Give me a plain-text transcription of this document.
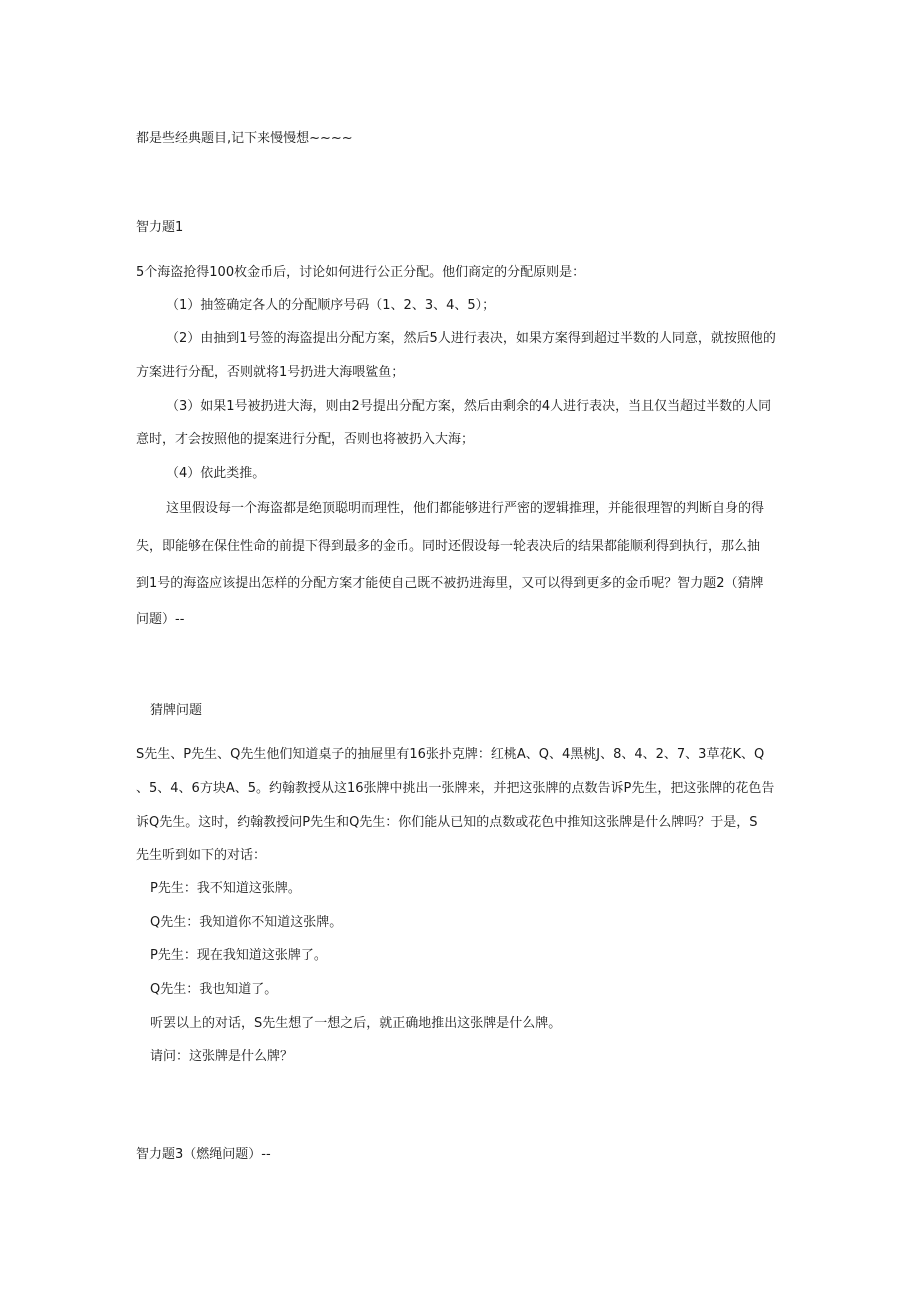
都是些经典题目,记下来慢慢想~~~~
智力题1
5个海盗抢得100枚金币后，讨论如何进行公正分配。他们商定的分配原则是：
（1）抽签确定各人的分配顺序号码（1、2、3、4、5）；
（2）由抽到1号签的海盗提出分配方案，然后5人进行表决，如果方案得到超过半数的人同意，就按照他的
方案进行分配，否则就将1号扔进大海喂鲨鱼；
（3）如果1号被扔进大海，则由2号提出分配方案，然后由剩余的4人进行表决，当且仅当超过半数的人同
意时，才会按照他的提案进行分配，否则也将被扔入大海；
（4）依此类推。
这里假设每一个海盗都是绝顶聪明而理性，他们都能够进行严密的逻辑推理，并能很理智的判断自身的得
失，即能够在保住性命的前提下得到最多的金币。同时还假设每一轮表决后的结果都能顺利得到执行，那么抽
到1号的海盗应该提出怎样的分配方案才能使自己既不被扔进海里，又可以得到更多的金币呢？智力题2（猜牌
问题）--
猜牌问题
S先生、P先生、Q先生他们知道桌子的抽屉里有16张扑克牌：红桃A、Q、4黑桃J、8、4、2、7、3草花K、Q
、5、4、6方块A、5。约翰教授从这16张牌中挑出一张牌来，并把这张牌的点数告诉P先生，把这张牌的花色告
诉Q先生。这时，约翰教授问P先生和Q先生：你们能从已知的点数或花色中推知这张牌是什么牌吗？于是，S
先生听到如下的对话：
P先生：我不知道这张牌。
Q先生：我知道你不知道这张牌。
P先生：现在我知道这张牌了。
Q先生：我也知道了。
听罢以上的对话，S先生想了一想之后，就正确地推出这张牌是什么牌。
请问：这张牌是什么牌？
智力题3（燃绳问题）--
